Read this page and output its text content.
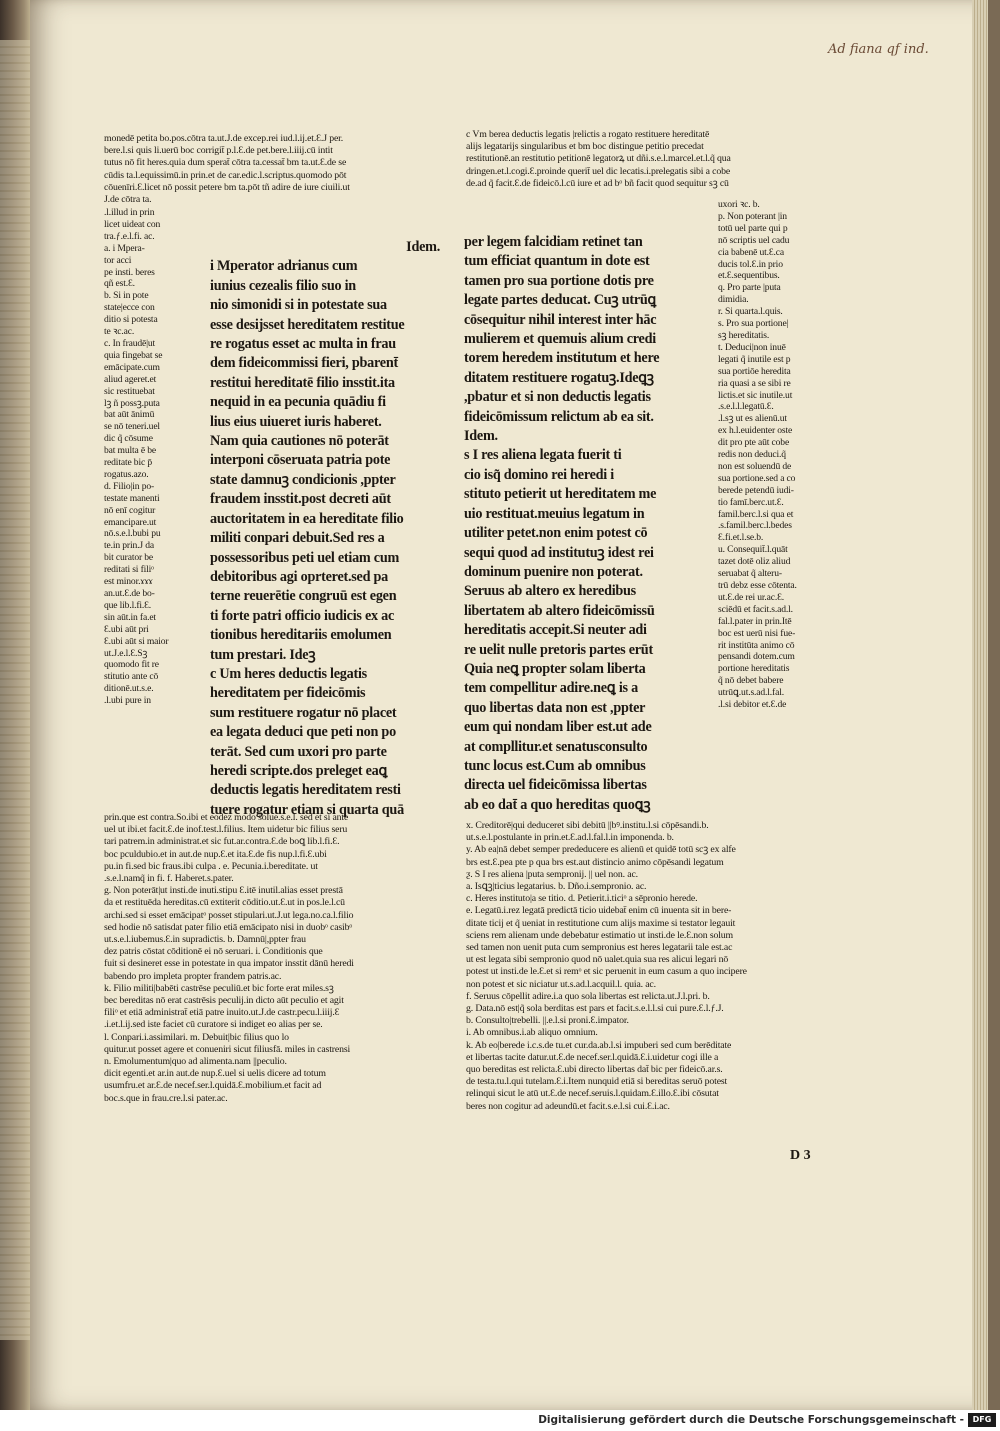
Ad fiana qf ind.
monedē petita bo.pos.cōtra ta.ut.J.de excep.rei iud.l.ij.et.Ɛ.J per.
bere.l.si quis li.uerū boc corrigit̄ p.l.Ɛ.de pet.bere.l.iiij.cū intit
tutus nō fit heres.quia dum sperat̄ cōtra ta.cessat̄ bm ta.ut.Ɛ.de se
cūdis ta.l.equissimū.in prin.et de car.edic.l.scriptus.quomodo pōt
cōuenīri.Ɛ.licet nō possit petere bm ta.pōt tñ adire de iure ciuili.ut
J.de cōtra ta.
c Vm berea deductis legatis |relictis a rogato restituere hereditatē
alijs legatarijs singularibus et bm boc distingue petitio precedat
restitutionē.an restitutio petitionē legatorꝝ ut dñi.s.e.l.marcel.et.l.q̃ qua
dringen.et.l.cogi.Ɛ.proinde querit̄ uel dic lecatis.i.prelegatis sibi a cobe
de.ad q̃ facit.Ɛ.de fideicō.l.cū iure et ad bᵒ bñ facit quod sequitur sꝫ cū
.l.illud in prin
licet uideat con
tra.ƒ.e.l.fi. ac.
a. i Mpera-
tor acci
pe insti. beres
qñ est.Ɛ.
b. Si in pote
state|ecce con
ditio si potesta
te ꝛc.ac.
c. In fraudē|ut
quia fingebat se
emācipate.cum
aliud ageret.et
sic restituebat
lꝫ ñ possꝫ.puta
bat aūt ānimū
se nō teneri.uel
dic q̃ cōsume
bat multa ē be
reditate bic p̄
rogatus.azo.
d. Filio|in po-
testate manenti
nō enī cogitur
emancipare.ut
nō.s.e.l.bubi pu
te.in prin.J da
bit curator be
reditati si filiᵒ
est minor.ɤɤɤ
an.ut.Ɛ.de bo-
que lib.l.fi.Ɛ.
sin aūt.in fa.et
Ɛ.ubi aūt pri
Ɛ.ubi aūt si maior
ut.J.e.l.Ɛ.Sꝫ
quomodo fit re
stitutio ante cō
ditionē.ut.s.e.
.l.ubi pure in
Idem.
i Mperator adrianus cum
iunius cezealis filio suo in
nio simonidi si in potestate sua
esse desijsset hereditatem restitue
re rogatus esset ac multa in frau
dem fideicommissi fieri, pbarent̄
restitui hereditatē filio insstit.ita
nequid in ea pecunia quādiu fi
lius eius uiueret iuris haberet.
Nam quia cautiones nō poterāt
interponi cōseruata patria pote
state damnuꝫ condicionis ,ppter
fraudem insstit.post decreti aūt
auctoritatem in ea hereditate filio
militi conpari debuit.Sed res a
possessoribus peti uel etiam cum
debitoribus agi oprteret.sed pa
terne reuerētie congruū est egen
ti forte patri officio iudicis ex ac
tionibus hereditariis emolumen
tum prestari. Ideꝫ
c Um heres deductis legatis
hereditatem per fideicōmis
sum restituere rogatur nō placet
ea legata deduci que peti non po
terāt. Sed cum uxori pro parte
heredi scripte.dos preleget eaꝗ
deductis legatis hereditatem resti
tuere rogatur etiam si quarta quā
per legem falcidiam retinet tan
tum efficiat quantum in dote est
tamen pro sua portione dotis pre
legate partes deducat. Cuꝫ utrūꝗ
cōsequitur nihil interest inter hāc
mulierem et quemuis alium credi
torem heredem institutum et here
ditatem restituere rogatuꝫ.Ideꝗꝫ
,pbatur et si non deductis legatis
fideicōmissum relictum ab ea sit.
Idem.
s I res aliena legata fuerit ti
cio isq̃ domino rei heredi i
stituto petierit ut hereditatem me
uio restituat.meuius legatum in
utiliter petet.non enim potest cō
sequi quod ad institutuꝫ idest rei
dominum puenire non poterat.
Seruus ab altero ex heredibus
libertatem ab altero fideicōmissū
hereditatis accepit.Si neuter adi
re uelit nulle pretoris partes erūt
Quia neꝗ propter solam liberta
tem compellitur adire.neꝗ is a
quo libertas data non est ,ppter
eum qui nondam liber est.ut ade
at compllitur.et senatusconsulto
tunc locus est.Cum ab omnibus
directa uel fideicōmissa libertas
ab eo dat̄ a quo hereditas quoꝗꝫ
uxori ꝛc. b.
p. Non poterant |in
totū uel parte qui p
nō scriptis uel cadu
cia babenē ut.Ɛ.ca
ducis tol.Ɛ.in prio
et.Ɛ.sequentibus.
q. Pro parte |puta
dimidia.
r. Si quarta.l.quis.
s. Pro sua portione|
sꝫ hereditatis.
t. Deduci|non inuē
legati q̃ inutile est p
sua portiōe heredita
ria quasi a se sibi re
lictis.et sic inutile.ut
.s.e.l.l.legatū.Ɛ.
.l.sꝫ ut es alienū.ut
ex h.l.euidenter oste
dit pro pte aūt cobe
redis non deduci.q̃
non est soluendū de
sua portione.sed a co
berede petendū iudi-
tio famī.berc.ut.Ɛ.
famil.berc.l.si qua et
.s.famil.berc.l.bedes
Ɛ.fi.et.l.se.b.
u. Consequit̄.l.quāt
tazet dotē oliz aliud
seruabat q̃ alteru-
trū debz esse cōtenta.
ut.Ɛ.de rei ur.ac.Ɛ.
sciēdū et facit.s.ad.l.
fal.l.pater in prin.Itē
boc est uerū nisi fue-
rit institūta animo cō
pensandi dotem.cum
portione hereditatis
q̃ nō debet babere
utrūꝗ.ut.s.ad.l.fal.
.l.si debitor et.Ɛ.de
prin.que est contra.So.ibi et eodez modo solue.s.e.l. sed et si ante
uel ut ibi.et facit.Ɛ.de inof.test.l.filius. Item uidetur bic filius seru
tari patrem.in administrat.et sic fut.ar.contra.Ɛ.de boꝗ lib.l.fi.Ɛ.
boc pculdubio.et in aut.de nup.Ɛ.et ita.Ɛ.de fis nup.l.fi.Ɛ.ubi
pu.in fi.sed bic fraus.ibi culpa . e. Pecunia.i.bereditate. ut
.s.e.l.namq̃ in fi. f. Haberet.s.pater.
g. Non poterāt|ut insti.de inuti.stipu Ɛ.itē inutil.alias esset prestā
da et restituēda hereditas.cū extiterit cōditio.ut.Ɛ.ut in pos.le.l.cū
archi.sed si esset emācipatᵒ posset stipulari.ut.J.ut lega.no.ca.l.filio
sed hodie nō satisdat pater filio etiā emācipato nisi in duobᵒ casibᵒ
ut.s.e.l.iubemus.Ɛ.in supradictis. b. Damnū|,ppter frau
dez patris cōstat cōditionē ei nō seruari. i. Conditionis que
fuit si desineret esse in potestate in qua impator insstit dānū heredi
babendo pro impleta propter frandem patris.ac.
k. Filio militi|babēti castrēse peculiū.et bic forte erat miles.sꝫ
bec bereditas nō erat castrēsis peculij.in dicto aūt peculio et agit
filiᵒ et etiā administrat̄ etiā patre inuito.ut.J.de castr.pecu.l.iiij.Ɛ
.i.et.l.ij.sed iste faciet cū curatore si indiget eo alias per se.
l. Conpari.i.assimilari. m. Debuit|bic filius quo lo
quitur.ut posset agere et conueniri sicut filiusfā. miles in castrensi
n. Emolumentum|quo ad alimenta.nam ||peculio.
dicit egenti.et ar.in aut.de nup.Ɛ.uel si uelis dicere ad totum
usumfru.et ar.Ɛ.de necef.ser.l.quidā.Ɛ.mobilium.et facit ad
boc.s.que in frau.cre.l.si pater.ac.
x. Creditorē|qui deduceret sibi debitū ||bꝰ.institu.l.si cōpēsandi.b.
ut.s.e.l.postulante in prin.et.Ɛ.ad.l.fal.l.in imponenda. b.
y. Ab ea|nā debet semper prededucere es alienū et quidē totū scꝫ ex alfe
brs est.Ɛ.pea pte p qua brs est.aut distincio animo cōpēsandi legatum
ƺ. S I res aliena |puta sempronij. || uel non. ac.
a. Isꝗꝫ|ticius legatarius. b. Dño.i.sempronio. ac.
c. Heres instituto|a se titio. d. Petierit.i.ticiᵒ a sēpronio herede.
e. Legatū.i.rez legatā predictā ticio uidebat̄ enim cū inuenta sit in bere-
ditate ticij et q̃ ueniat in restitutione cum alijs maxime si testator legauit
sciens rem alienam unde debebatur estimatio ut insti.de le.Ɛ.non solum
sed tamen non uenit puta cum sempronius est heres legatarii tale est.ac
ut est legata sibi sempronio quod nō ualet.quia sua res alicui legari nō
potest ut insti.de le.Ɛ.et si remᵒ et sic peruenit in eum casum a quo incipere
non potest et sic niciatur ut.s.ad.l.acquil.l. quia. ac.
f. Seruus cōpellit adire.i.a quo sola libertas est relicta.ut.J.l.pri. b.
g. Data.nō est|q̃ sola berditas est pars et facit.s.e.l.l.si cui pure.Ɛ.l.ƒ.J.
b. Consulto|trebelli. ||.e.l.si proni.Ɛ.impator.
i. Ab omnibus.i.ab aliquo omnium.
k. Ab eo|berede i.c.s.de tu.et cur.da.ab.l.si impuberi sed cum berēditate
et libertas tacite datur.ut.Ɛ.de necef.ser.l.quidā.Ɛ.i.uidetur cogi ille a
quo bereditas est relicta.Ɛ.ubi directo libertas dat̄ bic per fideicō.ar.s.
de testa.tu.l.qui tutelam.Ɛ.i.Item nunquid etiā si bereditas seruō potest
relinqui sicut le atū ut.Ɛ.de necef.seruis.l.quidam.Ɛ.illo.Ɛ.ibi cōsutat
beres non cogitur ad adeundū.et facit.s.e.l.si cui.Ɛ.i.ac.
D 3
Digitalisierung gefördert durch die Deutsche Forschungsgemeinschaft -	DFG
